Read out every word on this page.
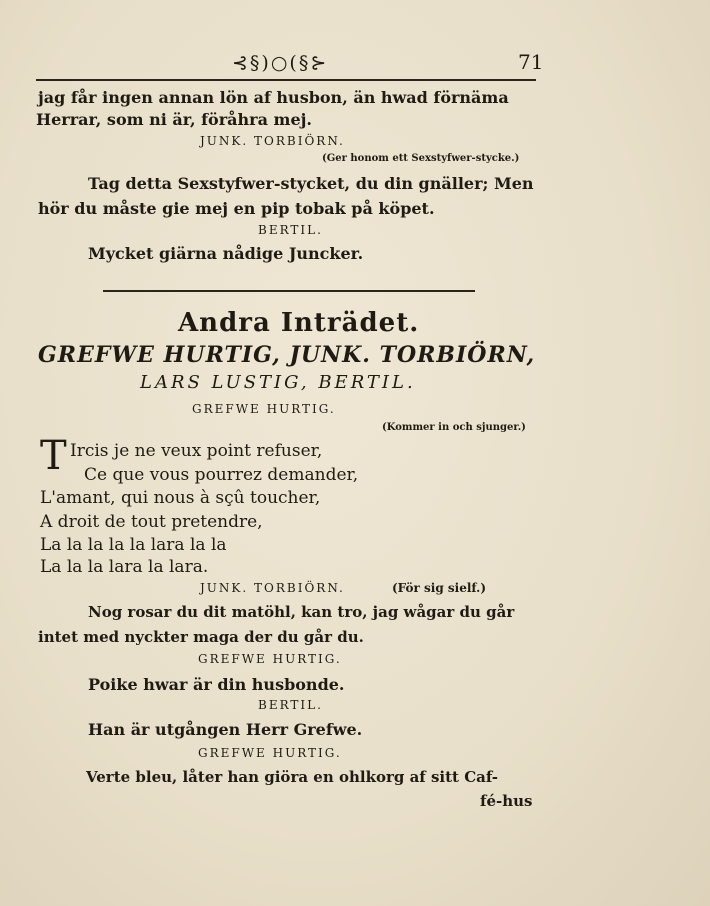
⊰§)○(§⊱	71
jag får ingen annan lön af husbon, än hwad förnäma
Herrar, som ni är, föråhra mej.
JUNK. TORBIÖRN.
(Ger honom ett Sexstyfwer-stycke.)
Tag detta Sexstyfwer-stycket, du din gnäller; Men
hör du måste gie mej en pip tobak på köpet.
BERTIL.
Mycket giärna nådige Juncker.
Andra Inträdet.
GREFWE HURTIG, JUNK. TORBIÖRN,
LARS LUSTIG, BERTIL.
GREFWE HURTIG.
(Kommer in och sjunger.)
T Ircis je ne veux point refuser,
Ce que vous pourrez demander,
L'amant, qui nous à sçû toucher,
A droit de tout pretendre,
La la la la la lara la la
La la la lara la lara.
JUNK. TORBIÖRN.	(För sig sielf.)
Nog rosar du dit matöhl, kan tro, jag wågar du går
intet med nyckter maga der du går du.
GREFWE HURTIG.
Poike hwar är din husbonde.
BERTIL.
Han är utgången Herr Grefwe.
GREFWE HURTIG.
Verte bleu, låter han giöra en ohlkorg af sitt Caf-
fé-hus
